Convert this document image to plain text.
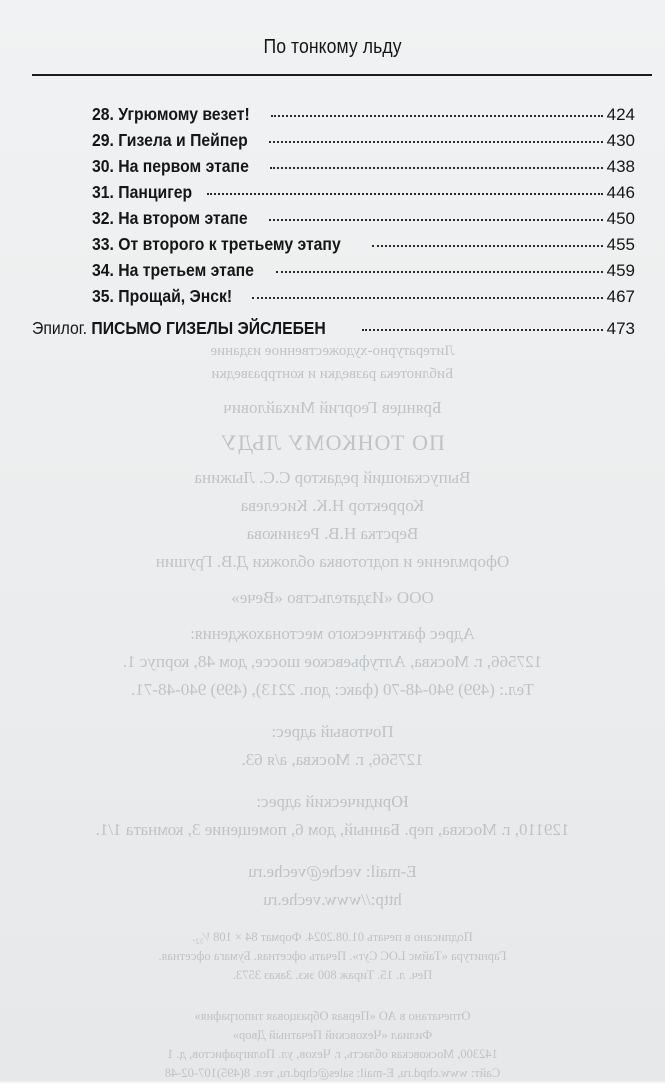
По тонкому льду
28. Угрюмому везет!	424
29. Гизела и Пейпер	430
30. На первом этапе	438
31. Панцигер	446
32. На втором этапе	450
33. От второго к третьему этапу	455
34. На третьем этапе	459
35. Прощай, Энск!	467
Эпилог. ПИСЬМО ГИЗЕЛЫ ЭЙСЛЕБЕН	473

Литературно-художественное издание

Библиотека разведки и контрразведки

Брянцев Георгий Михайлович

ПО ТОНКОМУ ЛЬДУ

Выпускающий редактор С.С. Лыжина

Корректор Н.К. Киселева

Верстка Н.В. Резникова

Оформление и подготовка обложки Д.В. Грушин

ООО «Издательство «Вече»

Адрес фактического местонахождения:

127566, г. Москва, Алтуфьевское шоссе, дом 48, корпус 1.

Тел.: (499) 940-48-70 (факс: доп. 2213), (499) 940-48-71.

Почтовый адрес:

127566, г. Москва, а/я 63.

Юридический адрес:

129110, г. Москва, пер. Банный, дом 6, помещение 3, комната 1/1.

E-mail: veche@veche.ru

http://www.veche.ru

Подписано в печать 01.08.2024. Формат 84 × 108 ¹⁄₃₂.

Гарнитура «Таймс LOC Cyr». Печать офсетная. Бумага офсетная.

Печ. л. 15. Тираж 800 экз. Заказ 3573.

Отпечатано в АО «Первая Образцовая типография»

Филиал «Чеховский Печатный Двор»

142300, Московская область, г. Чехов, ул. Полиграфистов, д. 1

Сайт: www.chpd.ru, E-mail: sales@chpd.ru, тел. 8(495)107-02-48
